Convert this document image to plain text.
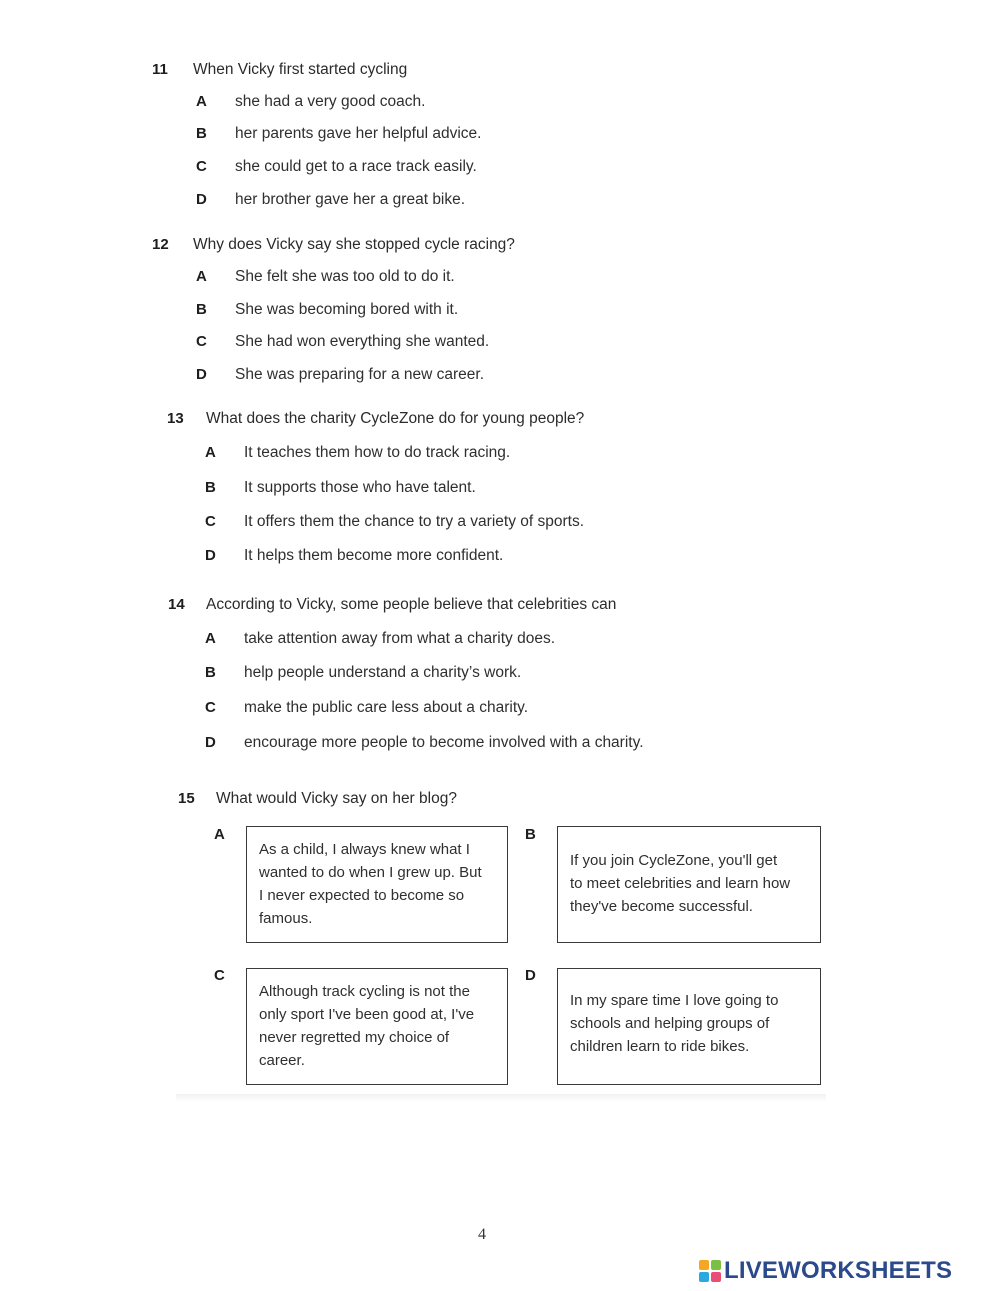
11 When Vicky first started cycling
A she had a very good coach.
B her parents gave her helpful advice.
C she could get to a race track easily.
D her brother gave her a great bike.
12 Why does Vicky say she stopped cycle racing?
A She felt she was too old to do it.
B She was becoming bored with it.
C She had won everything she wanted.
D She was preparing for a new career.
13 What does the charity CycleZone do for young people?
A It teaches them how to do track racing.
B It supports those who have talent.
C It offers them the chance to try a variety of sports.
D It helps them become more confident.
14 According to Vicky, some people believe that celebrities can
A take attention away from what a charity does.
B help people understand a charity’s work.
C make the public care less about a charity.
D encourage more people to become involved with a charity.
15 What would Vicky say on her blog?
A
As a child, I always knew what I
wanted to do when I grew up. But
I never expected to become so
famous.
B
If you join CycleZone, you'll get
to meet celebrities and learn how
they've become successful.
C
Although track cycling is not the
only sport I've been good at, I've
never regretted my choice of
career.
D
In my spare time I love going to
schools and helping groups of
children learn to ride bikes.
4
LIVEWORKSHEETS
